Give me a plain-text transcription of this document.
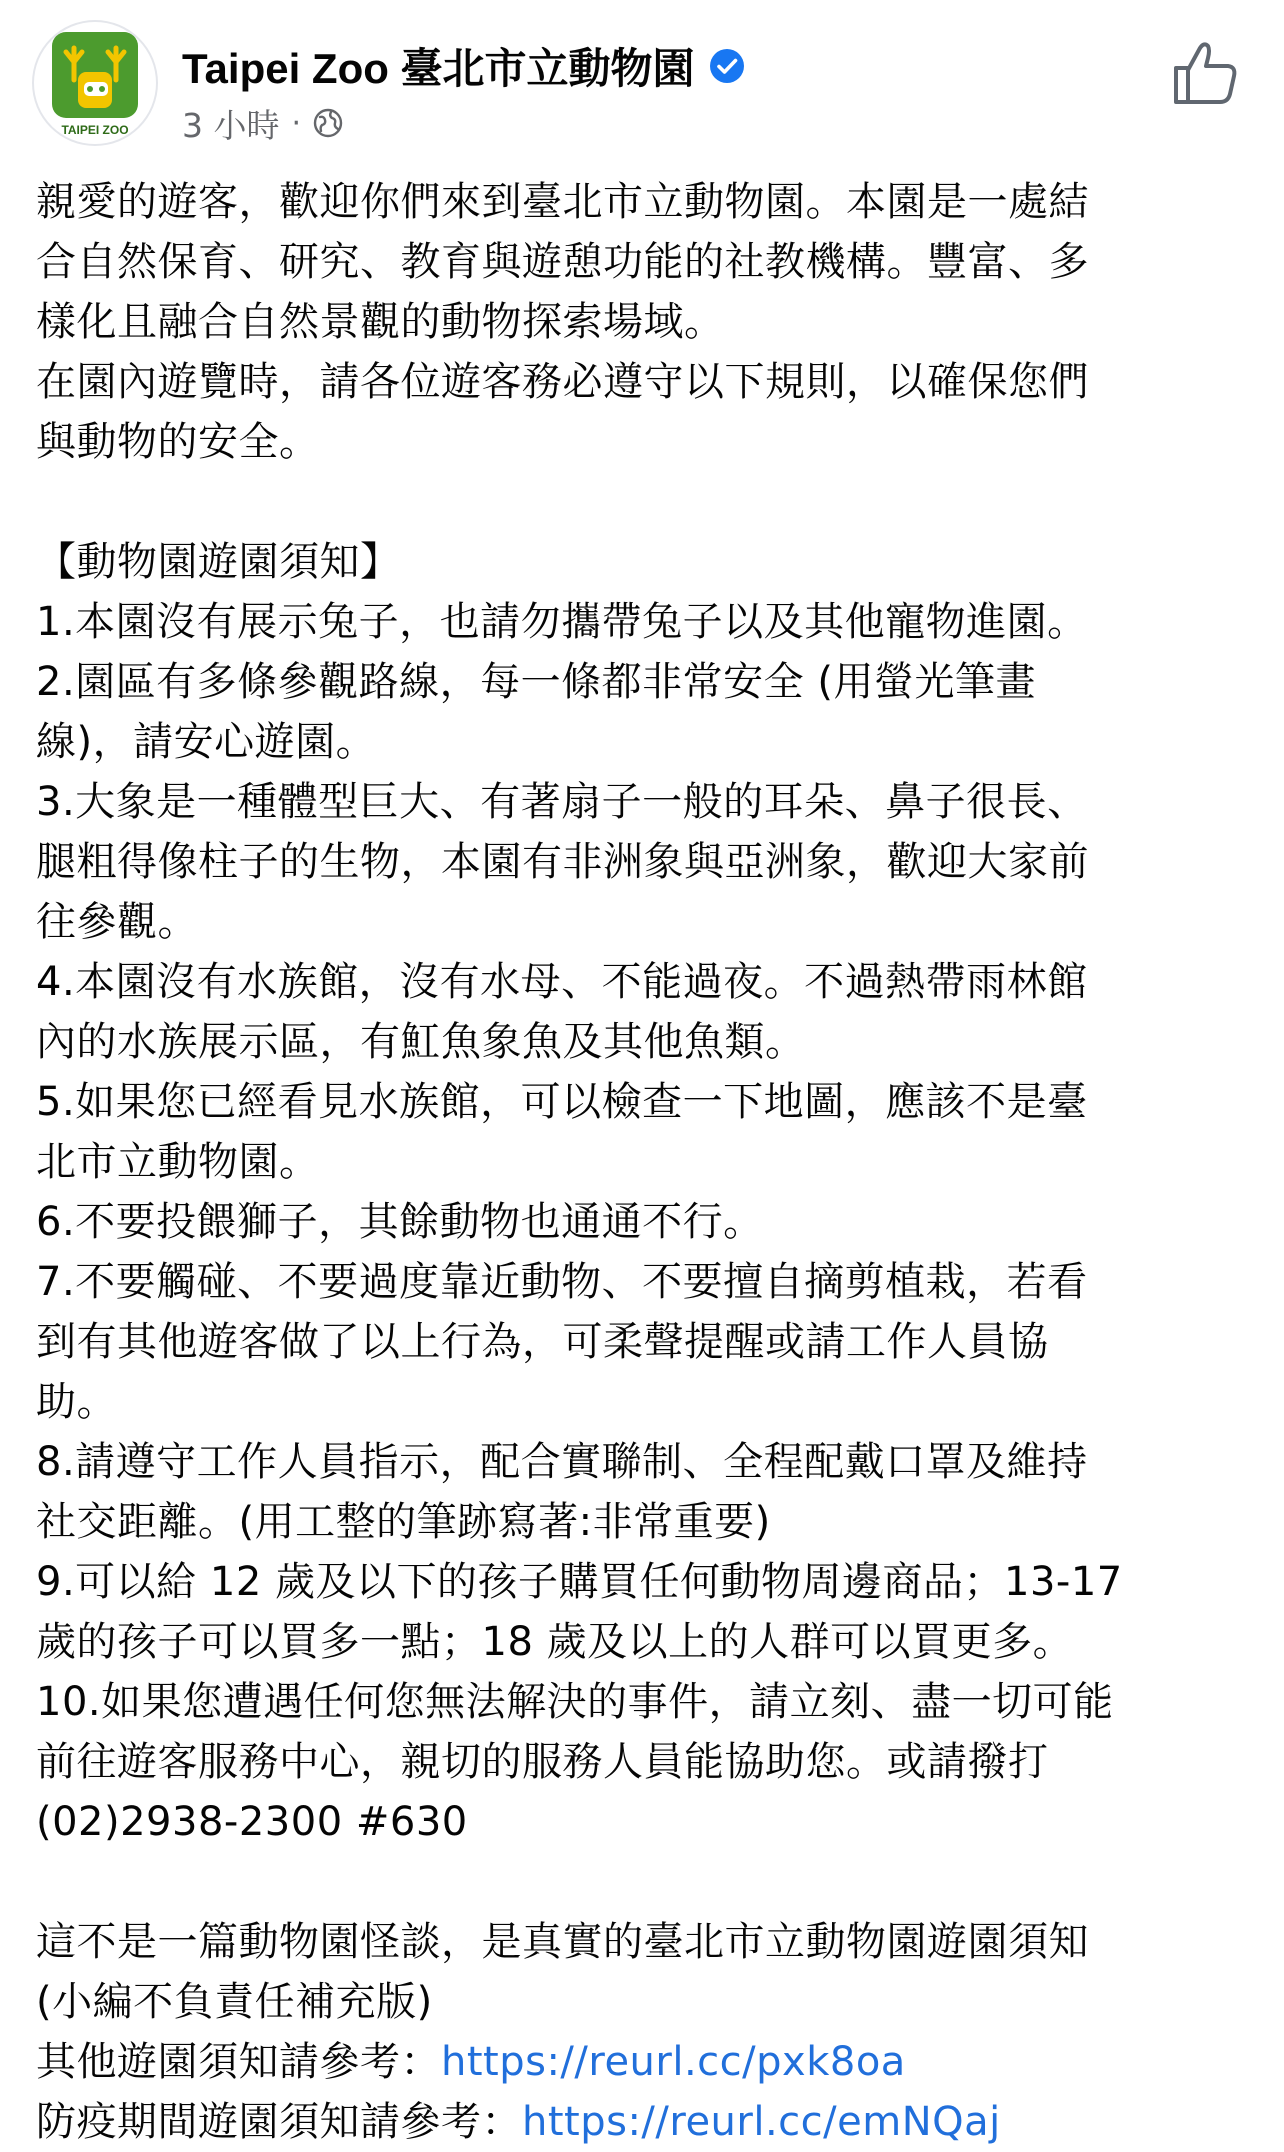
TAIPEI ZOO
Taipei Zoo 臺北市立動物園
3 小時 ·
親愛的遊客，歡迎你們來到臺北市立動物園。本園是一處結
合自然保育、研究、教育與遊憩功能的社教機構。豐富、多
樣化且融合自然景觀的動物探索場域。
在園內遊覽時，請各位遊客務必遵守以下規則，以確保您們
與動物的安全。
【動物園遊園須知】
1.本園沒有展示兔子，也請勿攜帶兔子以及其他寵物進園。
2.園區有多條參觀路線，每一條都非常安全 (用螢光筆畫
線)，請安心遊園。
3.大象是一種體型巨大、有著扇子一般的耳朵、鼻子很長、
腿粗得像柱子的生物，本園有非洲象與亞洲象，歡迎大家前
往參觀。
4.本園沒有水族館，沒有水母、不能過夜。不過熱帶雨林館
內的水族展示區，有魟魚象魚及其他魚類。
5.如果您已經看見水族館，可以檢查一下地圖，應該不是臺
北市立動物園。
6.不要投餵獅子，其餘動物也通通不行。
7.不要觸碰、不要過度靠近動物、不要擅自摘剪植栽，若看
到有其他遊客做了以上行為，可柔聲提醒或請工作人員協
助。
8.請遵守工作人員指示，配合實聯制、全程配戴口罩及維持
社交距離。(用工整的筆跡寫著:非常重要)
9.可以給 12 歲及以下的孩子購買任何動物周邊商品；13-17
歲的孩子可以買多一點；18 歲及以上的人群可以買更多。
10.如果您遭遇任何您無法解決的事件，請立刻、盡一切可能
前往遊客服務中心，親切的服務人員能協助您。或請撥打
(02)2938-2300 #630
這不是一篇動物園怪談，是真實的臺北市立動物園遊園須知
(小編不負責任補充版)
其他遊園須知請參考：https://reurl.cc/pxk8oa
防疫期間遊園須知請參考：https://reurl.cc/emNQaj
